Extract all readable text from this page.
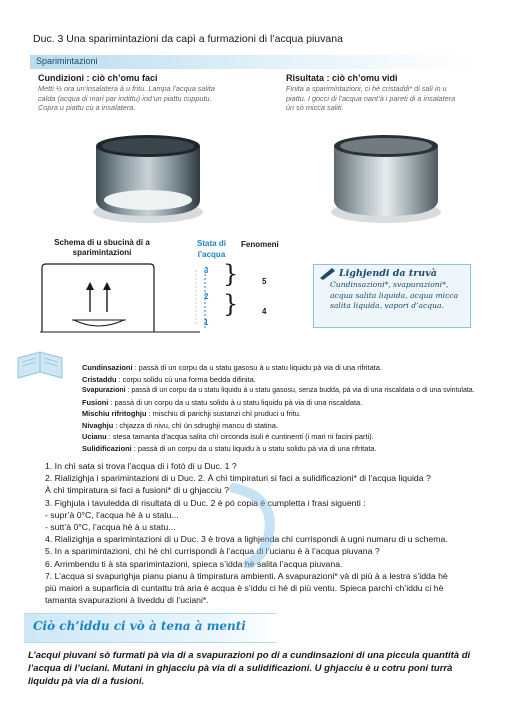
Duc. 3 Una sparimintazioni da capì a furmazioni di l’acqua piuvana
Sparimintazioni
Cundizioni : ciò ch’omu faci
Metti ½ ora un’insalatera à u fritu. Lampa l’acqua salita
calda (acqua di mari par indittu) ind’un piattu cupputu.
Copra u piattu cù a insalatera.
Risultata : ciò ch’omu vidi
Finita a sparimintazioni, ci hè cristaddi* di sali in u
piattu. I gocci di l’acqua nant’à i pareti di a insalatera
ùn sò micca saliti.
Schema di u sbucinà di a sparimintazioni
Stata di
l’acqua
Fenomeni
3
2
1
}
}
5
4
Lighjendi da truvà
Cundinsazioni*, svapurazioni*,
acqua salita liquida, acqua micca
salita liquida, vapori d’acqua.
Cundinsazioni : passà di un corpu da u statu gasosu à u statu liquidu pà via di una rifritata.
Cristaddu : corpu solidu cù una forma bedda difinita.
Svapurazioni : passà di un corpu da u statu liquidu à u statu gasosu, senza budda, pà via di una riscaldata o di una svintulata.
Fusioni : passà di un corpu da u statu solidu à u statu liquidu pà via di una riscaldata.
Mischiu rifritoghju : mischiu di parichji sustanzi chì pruduci u fritu.
Nivaghju : chjazza di nivu, chì ùn sdrughji mancu di statina.
Ucianu : stesa tamanta d’acqua salita chì circonda isuli è cuntinenti (i mari ni facini parti).
Sulidificazioni : passà di un corpu da u statu liquidu à u statu solidu pà via di una rifritata.
1. In chì sata si trova l’acqua di i fotò di u Duc. 1 ?
2. Rializighja i sparimintazioni di u Duc. 2. À chì timpiraturi si faci a sulidificazioni* di l’acqua liquida ?
À chì timpiratura si faci a fusioni* di u ghjacciu ?
3. Fighjula i tavuledda di risultata di u Duc. 2 è pò copia è cumpletta i frasi siguenti :
- supr’à 0°C, l’acqua hè à u statu...
- sutt’à 0°C, l’acqua hè à u statu...
4. Rializighja a sparimintazioni di u Duc. 3 è trova a lighjenda chì currispondi à ugni numaru di u schema.
5. In a sparimintazioni, chì hè chì currispondi à l’acqua di l’ucianu è à l’acqua piuvana ?
6. Arrimbendu ti à sta sparimintazioni, spieca s’idda hè salita l’acqua piuvana.
7. L’acqua si svapurighja pianu pianu à timpiratura ambienti. A svapurazioni* và di più à a lestra s’idda hè
più maiori a suparficia di cuntattu trà aria è acqua è s’iddu ci hè di più ventu. Spieca parchì ch’iddu ci hè
tamanta svapurazioni à liveddu di l’uciani*.
Ciò ch’iddu ci vò à tena à menti
L’acqui piuvani sò furmati pà via di a svapurazioni po di a cundinsazioni di una piccula quantità di l’acqua di l’uciani. Mutani in ghjacciu pà via di a sulidificazioni. U ghjacciu è u cotru poni turrà liquidu pà via di a fusioni.
